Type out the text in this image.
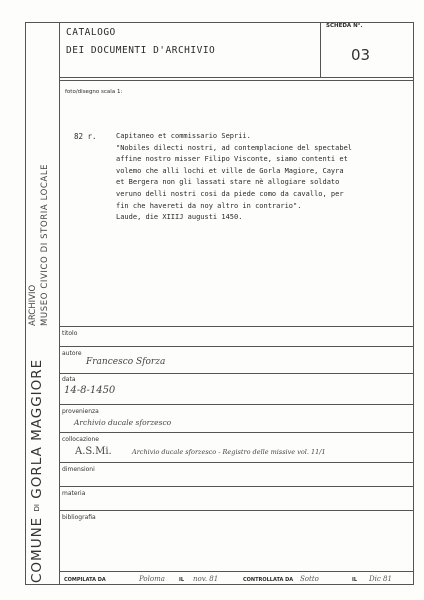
COMUNE DI GORLA MAGGIORE
ARCHIVIO MUSEO CIVICO DI STORIA LOCALE
CATALOGO
DEI DOCUMENTI D'ARCHIVIO
SCHEDA N°.
03
foto/disegno scala 1:
82 r.	Capitaneo et commissario Seprii.
"Nobiles dilecti nostri, ad contemplacione del spectabel
affine nostro misser Filipo Visconte, siamo contenti et
volemo che alli lochi et ville de Gorla Magiore, Cayra
et Bergera non gli lassati stare nè allogiare soldato
veruno delli nostri cosi da piede como da cavallo, per
fin che havereti da noy altro in contrario".
Laude, die XIIIJ augusti 1450.
titolo
autore
Francesco Sforza
data
14-8-1450
provenienza
Archivio ducale sforzesco
collocazione
A.S.Mi.	Archivio ducale sforzesco - Registro delle missive vol. 11/1
dimensioni
materia
bibliografia
COMPILATA DA	Poloma	IL nov. 81	CONTROLLATA DA Sotto	IL Dic 81
